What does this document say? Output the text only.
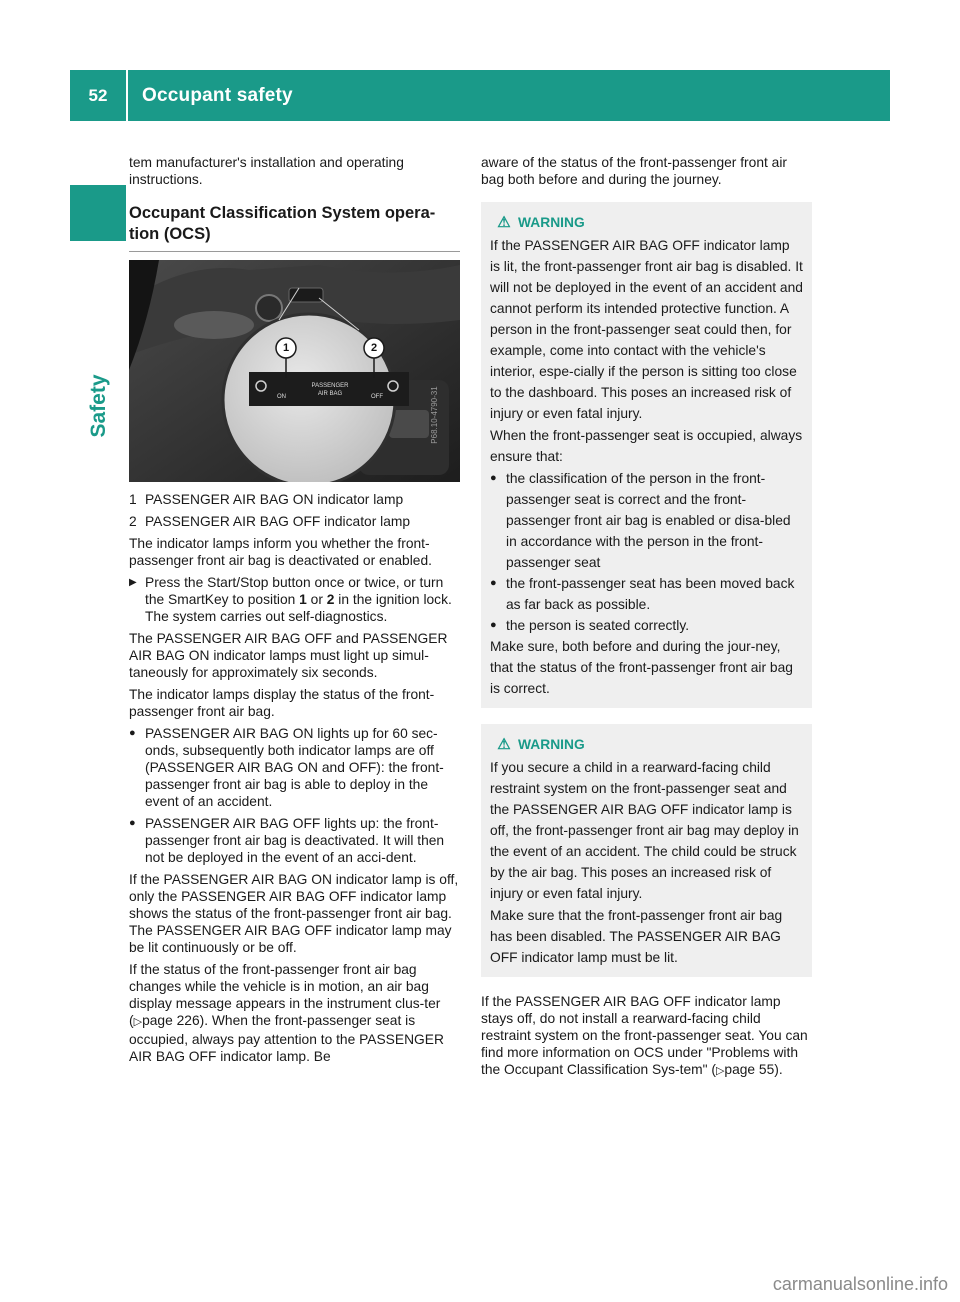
52	Occupant safety
Safety

tem manufacturer's installation and operating instructions.

Occupant Classification System opera-tion (OCS)
1	2
ON
PASSENGER
AIR BAG	OFF	P68.10-4790-31
1 PASSENGER AIR BAG ON indicator lamp
2 PASSENGER AIR BAG OFF indicator lamp

The indicator lamps inform you whether the front-passenger front air bag is deactivated or enabled.

▶ Press the Start/Stop button once or twice, or turn the SmartKey to position 1 or 2 in the ignition lock.
The system carries out self-diagnostics.

The PASSENGER AIR BAG OFF and PASSENGER AIR BAG ON indicator lamps must light up simul-taneously for approximately six seconds.

The indicator lamps display the status of the front-passenger front air bag.

● PASSENGER AIR BAG ON lights up for 60 sec-onds, subsequently both indicator lamps are off (PASSENGER AIR BAG ON and OFF): the front-passenger front air bag is able to deploy in the event of an accident.
● PASSENGER AIR BAG OFF lights up: the front-passenger front air bag is deactivated. It will then not be deployed in the event of an acci-dent.

If the PASSENGER AIR BAG ON indicator lamp is off, only the PASSENGER AIR BAG OFF indicator lamp shows the status of the front-passenger front air bag. The PASSENGER AIR BAG OFF indicator lamp may be lit continuously or be off.

If the status of the front-passenger front air bag changes while the vehicle is in motion, an air bag display message appears in the instrument clus-ter (▷page 226). When the front-passenger seat is occupied, always pay attention to the PASSENGER AIR BAG OFF indicator lamp. Be

aware of the status of the front-passenger front air bag both before and during the journey.

⚠ WARNING

If the PASSENGER AIR BAG OFF indicator lamp is lit, the front-passenger front air bag is disabled. It will not be deployed in the event of an accident and cannot perform its intended protective function. A person in the front-passenger seat could then, for example, come into contact with the vehicle's interior, espe-cially if the person is sitting too close to the dashboard. This poses an increased risk of injury or even fatal injury.

When the front-passenger seat is occupied, always ensure that:

● the classification of the person in the front-passenger seat is correct and the front-passenger front air bag is enabled or disa-bled in accordance with the person in the front-passenger seat
● the front-passenger seat has been moved back as far back as possible.
● the person is seated correctly.

Make sure, both before and during the jour-ney, that the status of the front-passenger front air bag is correct.

⚠ WARNING

If you secure a child in a rearward-facing child restraint system on the front-passenger seat and the PASSENGER AIR BAG OFF indicator lamp is off, the front-passenger front air bag may deploy in the event of an accident. The child could be struck by the air bag. This poses an increased risk of injury or even fatal injury.

Make sure that the front-passenger front air bag has been disabled. The PASSENGER AIR BAG OFF indicator lamp must be lit.

If the PASSENGER AIR BAG OFF indicator lamp stays off, do not install a rearward-facing child restraint system on the front-passenger seat. You can find more information on OCS under "Problems with the Occupant Classification Sys-tem" (▷page 55).

carmanualsonline.info
